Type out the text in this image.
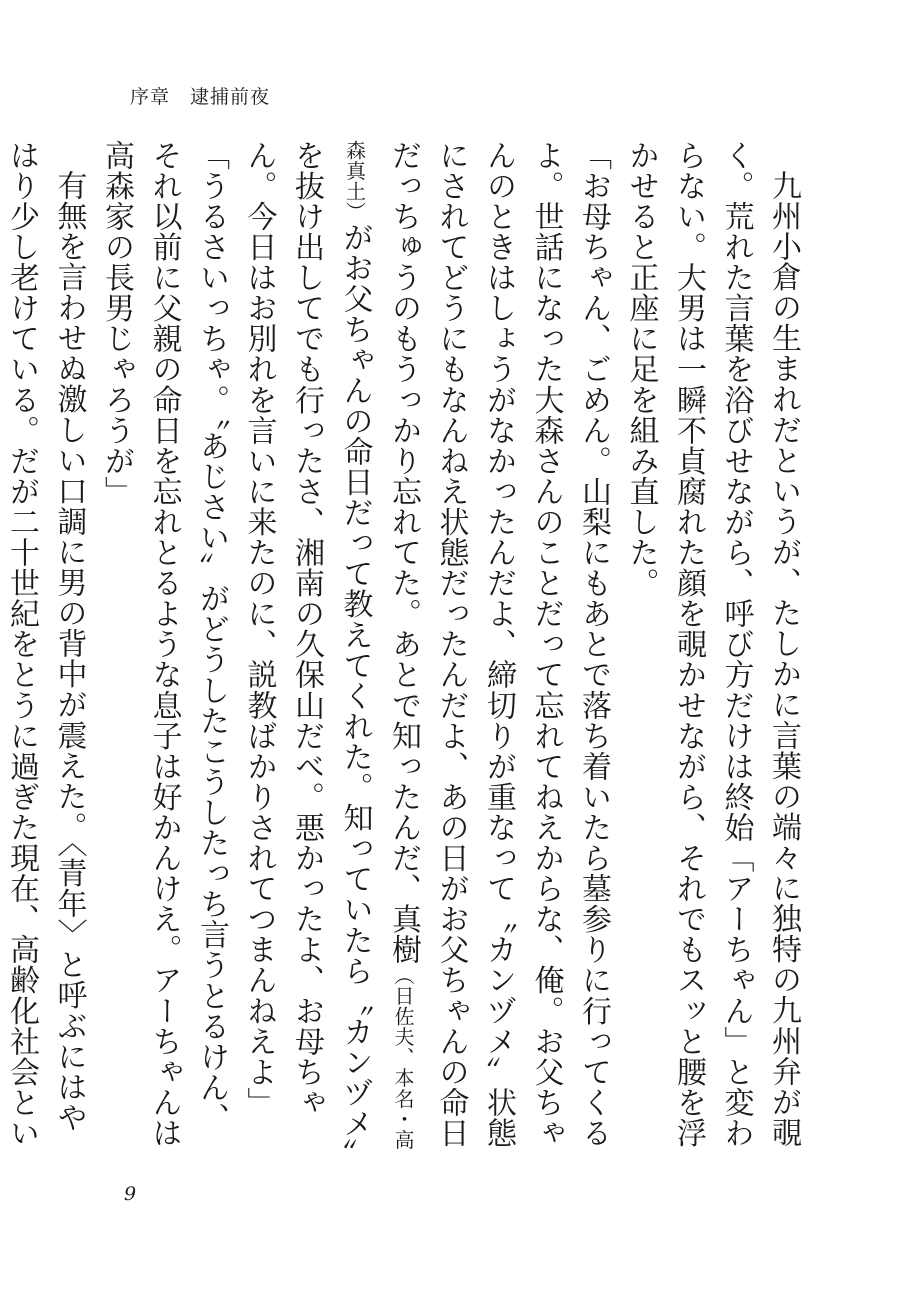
序章　逮捕前夜

九州小倉の生まれだというが、たしかに言葉の端々に独特の九州弁が覗く。荒れた言葉を浴びせながら、呼び方だけは終始「アーちゃん」と変わらない。大男は一瞬不貞腐れた顔を覗かせながら、それでもスッと腰を浮かせると正座に足を組み直した。

「お母ちゃん、ごめん。山梨にもあとで落ち着いたら墓参りに行ってくるよ。世話になった大森さんのことだって忘れてねえからな、俺。お父ちゃんのときはしょうがなかったんだよ、締切りが重なって〝カンヅメ〟状態にされてどうにもなんねえ状態だったんだよ、あの日がお父ちゃんの命日だっちゅうのもうっかり忘れてた。あとで知ったんだ、真樹（日佐夫、本名・高森真土）がお父ちゃんの命日だって教えてくれた。知っていたら〝カンヅメ〟を抜け出してでも行ったさ、湘南の久保山だべ。悪かったよ、お母ちゃん。今日はお別れを言いに来たのに、説教ばかりされてつまんねえよ」

「うるさいっちゃ。〝あじさい〟がどうしたこうしたっち言うとるけん、それ以前に父親の命日を忘れとるような息子は好かんけえ。アーちゃんは高森家の長男じゃろうが」

有無を言わせぬ激しい口調に男の背中が震えた。〈青年〉と呼ぶにはやはり少し老けている。だが二十世紀をとうに過ぎた現在、高齢化社会とい

9
